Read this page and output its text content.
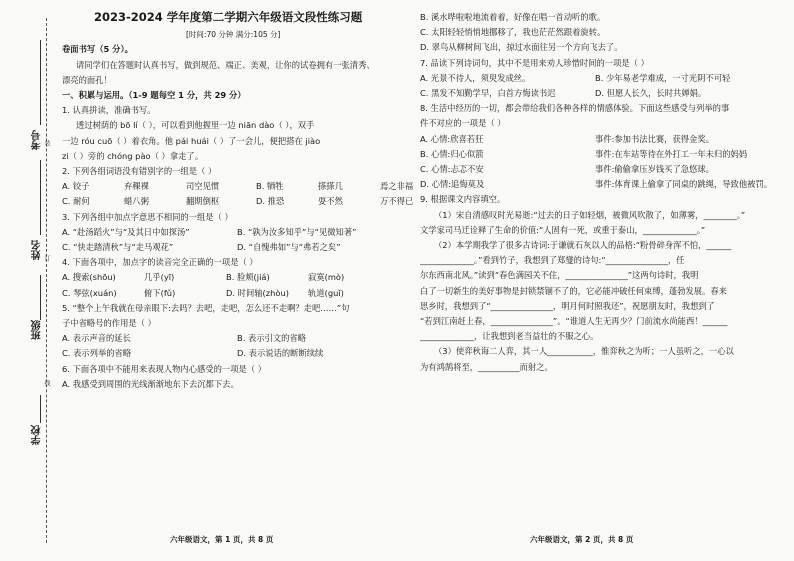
考号
姓名
班级
学校
装
订
线
2023-2024 学年度第二学期六年级语文段性练习题
[时间:70 分钟 满分:105 分]
卷面书写（5 分）。
请同学们在答题时认真书写，做到规范、端正、美观，让你的试卷拥有一张清秀、
漂亮的面孔！
一、积累与运用。（1-9 题每空 1 分，共 29 分）
1. 认真拼读，准确书写。
透过树荫的 bō lí（ ），可以看到他握里一边 niān dào（ ），双手
一边 róu cuō（ ）着衣角。他 pái huái（ ）了一会儿，便把搭在 jiào
zi（ ）旁的 chóng pào（ ）拿走了。
2. 下列各组词语没有错别字的一组是（ ）
A. 铰子	弃稞裸	司空见惯	B. 牺牲	搽搽几	焉之非福
C. 耐何	蜡八粥	翻期倒枢	D. 推恐	耍不然	万不得已
3. 下列各组中加点字意思不相同的一组是（ ）
A. “赴汤蹈火”与“及其日中如探汤”	B. “孰为汝多知乎”与“见微知著”
C. “快走踏清秋”与“走马观花”	D. “自愧弗如”与“弗若之矣”
4. 下面各项中，加点字的读音完全正确的一项是（ ）
A. 搜索(shōu)	几乎(yī)	B. 脸颊(jiá)	寂寞(mò)
C. 琴弦(xuán)	俯下(fǔ)	D. 时间轴(zhòu)	轨道(guǐ)
5. “整个上午我就在母亲眼下:去吗？去吧，走吧，怎么还不走啊？走吧……”句
子中省略号的作用是（ ）
A. 表示声音的延长	B. 表示引文的省略
C. 表示列举的省略	D. 表示说话的断断续续
6. 下面各项中不能用来表现人物内心感受的一项是（ ）
A. 我感受到周围的光线渐渐地东下去沉都下去。
B. 溪水哗啦啦地流着着，好像在唱一首动听的歌。
C. 太阳轻轻悄悄地挪移了，我也茫茫然跟着旋转。
D. 翠鸟从柳树间飞出，掠过水面往另一个方向飞去了。
7. 品读下列诗词句，其中不是用来劝人珍惜时间的一项是（ ）
A. 光景不待人，须臾发成丝。	B. 少年易老学难成，一寸光阴不可轻
C. 黑发不知勤学早，白首方悔读书迟	D. 但愿人长久，长时共婵娟。
8. 生活中经历的一切，都会带给我们各种各样的情感体验。下面这些感受与列举的事
件不对应的一项是（ ）
A. 心情:欣喜若狂	事件:参加书法比赛，获得金奖。
B. 心情:归心似箭	事件:在车站等待在外打工一年未归的妈妈
C. 心情:忐忑不安	事件:偷偷拿压岁钱买了急悠球。
D. 心情:追悔莫及	事件:体育课上偷拿了同桌的跳绳，导致他被罚。
9. 根据课文内容填空。
（1）宋自清感叹时光易逝:“过去的日子如轻烟，被微风吹散了，如薄雾，________。”
文学家司马迁诠释了生命的价值:“人固有一死，或重于泰山，_____________。”
（2）本学期我学了很多古诗词:于谦就石灰以人的品格:“粉骨碎身浑不怕，______
_____________。”看到竹子，我想到了郑燮的诗句:“_______________，任
尔东西南北风。”读到“春色满园关不住，_______________”这两句诗时，我明
白了一切新生的美好事物是封锁禁锢不了的，它必能冲破任何束缚，蓬勃发展。春来
思乡时，我想到了“_______________，明月何时照我还”，祝愿朋友时，我想到了
“若到江南赶上春，_______________”。“谁道人生无再少？门前流水尚能西！______
_____________，让我想到老当益壮的不服之心。
（3）使弈秋诲二人弈，其一人___________，惟弈秋之为听；一人虽听之，一心以
为有鸿鹄将至，__________而射之。
六年级语文，第 1 页，共 8 页	六年级语文，第 2 页，共 8 页
